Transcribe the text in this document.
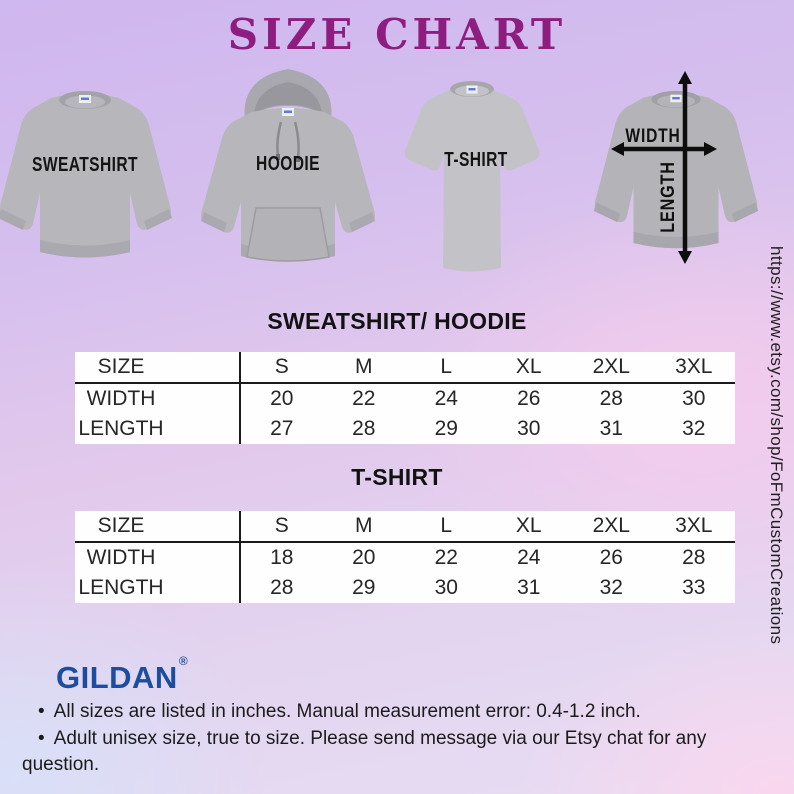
SIZE CHART
SWEATSHIRT	HOODIE	T-SHIRT
WIDTH
LENGTH
https://www.etsy.com/shop/FoFmCustomCreations
SWEATSHIRT/ HOODIE
SIZE	S	M	L	XL	2XL	3XL
WIDTH	20	22	24	26	28	30
LENGTH	27	28	29	30	31	32
T-SHIRT
SIZE	S	M	L	XL	2XL	3XL
WIDTH	18	20	22	24	26	28
LENGTH	28	29	30	31	32	33
GILDAN®

• All sizes are listed in inches. Manual measurement error: 0.4-1.2 inch.

• Adult unisex size, true to size. Please send message via our Etsy chat for any question.
